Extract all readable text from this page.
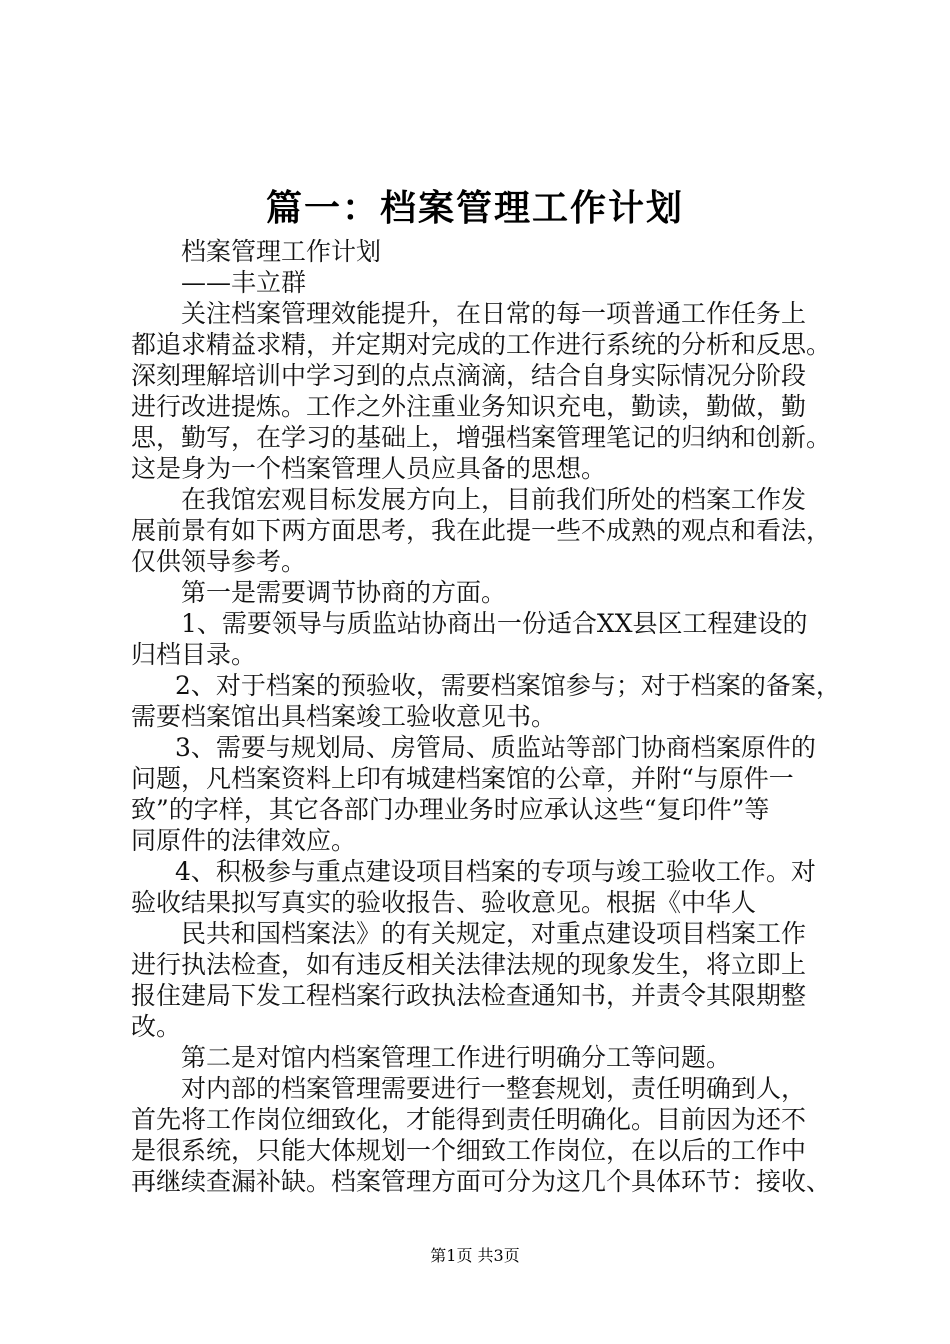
篇一：档案管理工作计划
档案管理工作计划
——丰立群
关注档案管理效能提升，在日常的每一项普通工作任务上
都追求精益求精，并定期对完成的工作进行系统的分析和反思。
深刻理解培训中学习到的点点滴滴，结合自身实际情况分阶段
进行改进提炼。工作之外注重业务知识充电，勤读，勤做，勤
思，勤写，在学习的基础上，增强档案管理笔记的归纳和创新。
这是身为一个档案管理人员应具备的思想。
在我馆宏观目标发展方向上，目前我们所处的档案工作发
展前景有如下两方面思考，我在此提一些不成熟的观点和看法，
仅供领导参考。
第一是需要调节协商的方面。
1、需要领导与质监站协商出一份适合XX县区工程建设的
归档目录。
2、对于档案的预验收，需要档案馆参与；对于档案的备案，
需要档案馆出具档案竣工验收意见书。
3、需要与规划局、房管局、质监站等部门协商档案原件的
问题，凡档案资料上印有城建档案馆的公章，并附“与原件一
致”的字样，其它各部门办理业务时应承认这些“复印件”等
同原件的法律效应。
4、积极参与重点建设项目档案的专项与竣工验收工作。对
验收结果拟写真实的验收报告、验收意见。根据《中华人
民共和国档案法》的有关规定，对重点建设项目档案工作
进行执法检查，如有违反相关法律法规的现象发生，将立即上
报住建局下发工程档案行政执法检查通知书，并责令其限期整
改。
第二是对馆内档案管理工作进行明确分工等问题。
对内部的档案管理需要进行一整套规划，责任明确到人，
首先将工作岗位细致化，才能得到责任明确化。目前因为还不
是很系统，只能大体规划一个细致工作岗位，在以后的工作中
再继续查漏补缺。档案管理方面可分为这几个具体环节：接收、
第1页 共3页
